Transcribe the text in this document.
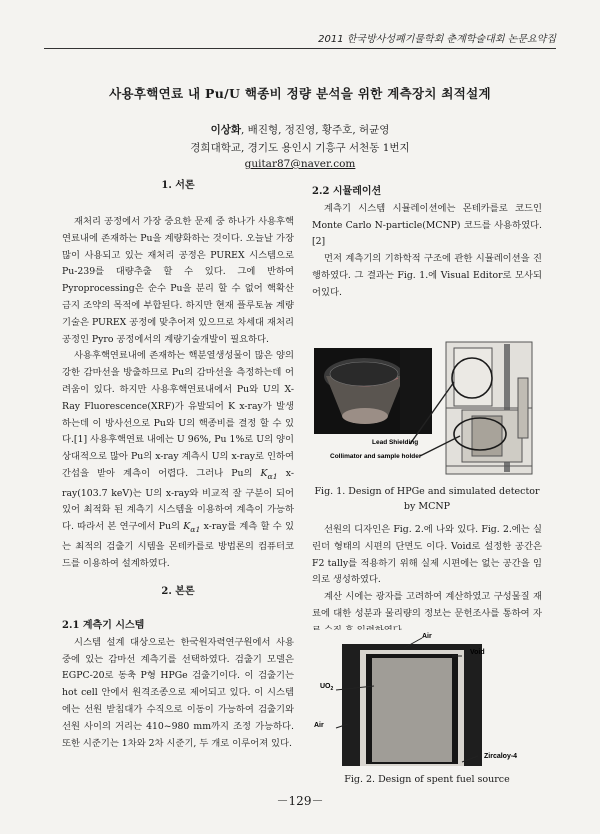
2011 한국방사성폐기물학회 춘계학술대회 논문요약집
사용후핵연료 내 Pu/U 핵종비 정량 분석을 위한 계측장치 최적설계
이상화, 배진형, 정진영, 황주호, 허균영
경희대학교, 경기도 용인시 기흥구 서천동 1번지
guitar87@naver.com

1. 서론

재처리 공정에서 가장 중요한 문제 중 하나가 사용후핵연료내에 존재하는 Pu을 계량화하는 것이다. 오늘날 가장 많이 사용되고 있는 재처리 공정은 PUREX 시스템으로 Pu-239를 대량추출 할 수 있다. 그에 반하여 Pyroprocessing은 순수 Pu을 분리 할 수 없어 핵확산 금지 조약의 목적에 부합된다. 하지만 현재 플루토늄 계량기술은 PUREX 공정에 맞추어져 있으므로 차세대 재처리 공정인 Pyro 공정에서의 계량기술개발이 필요하다.

사용후핵연료내에 존재하는 핵분열생성물이 많은 양의 강한 감마선을 방출하므로 Pu의 감마선을 측정하는데 어려움이 있다. 하지만 사용후핵연료내에서 Pu와 U의 X-Ray Fluorescence(XRF)가 유발되어 K x-ray가 발생하는데 이 방사선으로 Pu와 U의 핵종비를 결정 할 수 있다.[1] 사용후핵연료 내에는 U 96%, Pu 1%로 U의 양이 상대적으로 많아 Pu의 x-ray 계측시 U의 x-ray로 인하여 간섭을 받아 계측이 어렵다. 그러나 Pu의 $K_{\alpha 1}$ x-ray(103.7 keV)는 U의 x-ray와 비교적 잘 구분이 되어있어 최적화 된 계측기 시스템을 이용하여 계측이 가능하다. 따라서 본 연구에서 Pu의 $K_{\alpha 1}$ x-ray를 계측 할 수 있는 최적의 검출기 시템을 몬테카를로 방법론의 컴퓨터코드를 이용하여 설계하였다.

2. 본론

2.1 계측기 시스템

시스템 설계 대상으로는 한국원자력연구원에서 사용 중에 있는 감마선 계측기를 선택하였다. 검출기 모델은 EGPC-20로 동축 P형 HPGe 검출기이다. 이 검출기는 hot cell 안에서 원격조종으로 제어되고 있다. 이 시스템에는 선원 받침대가 수직으로 이동이 가능하여 검출기와 선원 사이의 거리는 410~980 mm까지 조정 가능하다. 또한 시준기는 1차와 2차 시준기, 두 개로 이루어져 있다.

2.2 시뮬레이션

계측기 시스템 시뮬레이션에는 몬테카를로 코드인 Monte Carlo N-particle(MCNP) 코드를 사용하였다.[2]

먼저 계측기의 기하학적 구조에 관한 시뮬레이션을 진행하였다. 그 결과는 Fig. 1.에 Visual Editor로 모사되어있다.

Lead Shielding
Collimator and sample holder
Fig. 1. Design of HPGe and simulated detector by MCNP

선원의 디자인은 Fig. 2.에 나와 있다. Fig. 2.에는 실린더 형태의 시편의 단면도 이다. Void로 설정한 공간은 F2 tally를 적용하기 위해 실제 시편에는 없는 공간을 임의로 생성하였다.

계산 시에는 광자를 고려하여 계산하였고 구성물질 재료에 대한 성분과 물리량의 정보는 문헌조사를 통하여 자

Air
Void
$UO_2$
Air
Zircaloy-4
Fig. 2. Design of spent fuel source
－129－
